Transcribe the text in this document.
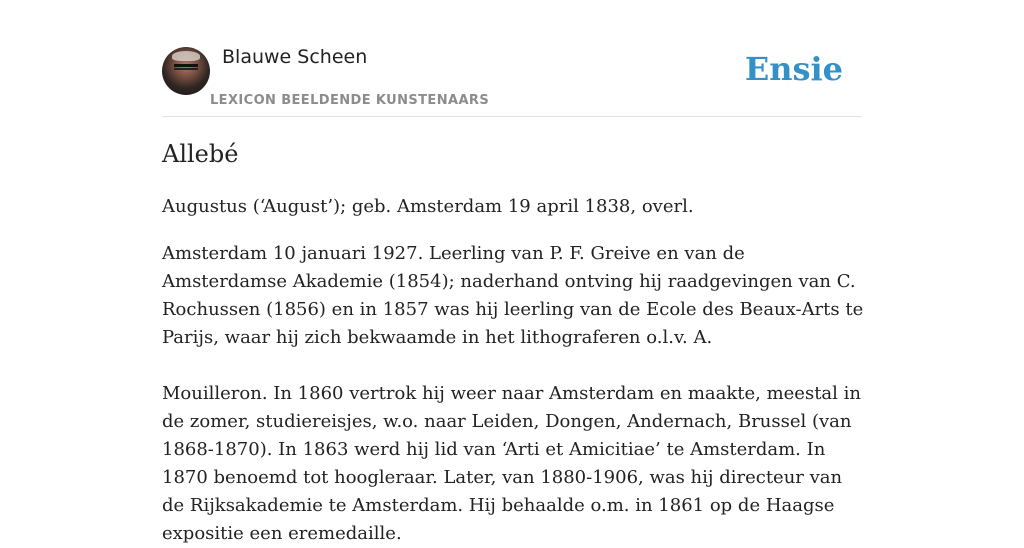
Blauwe Scheen
LEXICON BEELDENDE KUNSTENAARS
Ensie
Allebé

Augustus (‘August’); geb. Amsterdam 19 april 1838, overl.

Amsterdam 10 januari 1927. Leerling van P. F. Greive en van de Amsterdamse Akademie (1854); naderhand ontving hij raadgevingen van C. Rochussen (1856) en in 1857 was hij leerling van de Ecole des Beaux-Arts te Parijs, waar hij zich bekwaamde in het lithograferen o.l.v. A.

Mouilleron. In 1860 vertrok hij weer naar Amsterdam en maakte, meestal in de zomer, studiereisjes, w.o. naar Leiden, Dongen, Andernach, Brussel (van 1868-1870). In 1863 werd hij lid van ‘Arti et Amicitiae’ te Amsterdam. In 1870 benoemd tot hoogleraar. Later, van 1880-1906, was hij directeur van de Rijksakademie te Amsterdam. Hij behaalde o.m. in 1861 op de Haagse expositie een eremedaille.
